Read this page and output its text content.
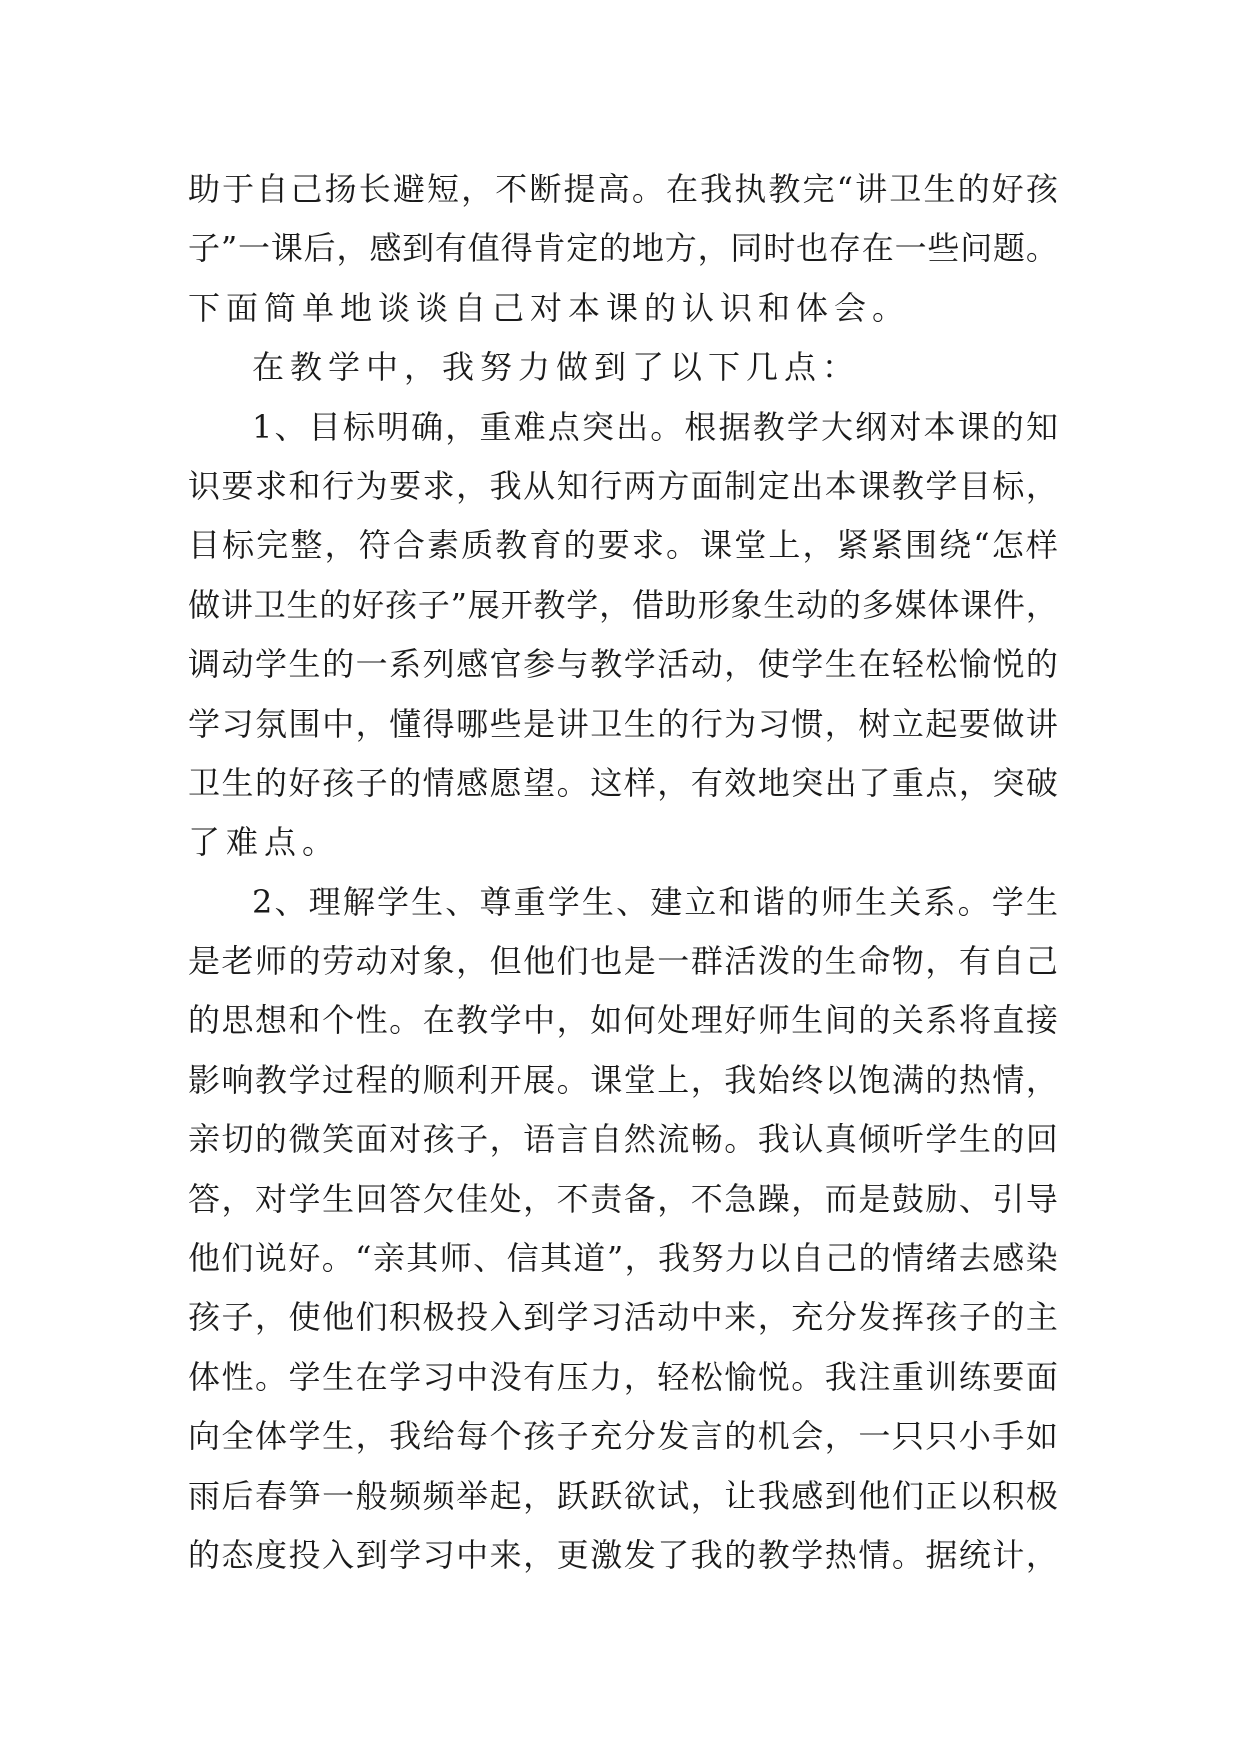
助 于 自 己 扬 长 避 短 ， 不 断 提 高 。 在 我 执 教 完 “ 讲 卫 生 的 好 孩
子 ” 一 课 后 ， 感 到 有 值 得 肯 定 的 地 方 ， 同 时 也 存 在 一 些 问 题 。
下面简单地谈谈自己对本课的认识和体会。
在教学中，我努力做到了以下几点：
1 、 目 标 明 确 ， 重 难 点 突 出 。 根 据 教 学 大 纲 对 本 课 的 知
识 要 求 和 行 为 要 求 ， 我 从 知 行 两 方 面 制 定 出 本 课 教 学 目 标 ，
目 标 完 整 ， 符 合 素 质 教 育 的 要 求 。 课 堂 上 ， 紧 紧 围 绕 “ 怎 样
做 讲 卫 生 的 好 孩 子 ” 展 开 教 学 ， 借 助 形 象 生 动 的 多 媒 体 课 件 ，
调 动 学 生 的 一 系 列 感 官 参 与 教 学 活 动 ， 使 学 生 在 轻 松 愉 悦 的
学 习 氛 围 中 ， 懂 得 哪 些 是 讲 卫 生 的 行 为 习 惯 ， 树 立 起 要 做 讲
卫 生 的 好 孩 子 的 情 感 愿 望 。 这 样 ， 有 效 地 突 出 了 重 点 ， 突 破
了难点。
2 、 理 解 学 生 、 尊 重 学 生 、 建 立 和 谐 的 师 生 关 系 。 学 生
是 老 师 的 劳 动 对 象 ， 但 他 们 也 是 一 群 活 泼 的 生 命 物 ， 有 自 己
的 思 想 和 个 性 。 在 教 学 中 ， 如 何 处 理 好 师 生 间 的 关 系 将 直 接
影 响 教 学 过 程 的 顺 利 开 展 。 课 堂 上 ， 我 始 终 以 饱 满 的 热 情 ，
亲 切 的 微 笑 面 对 孩 子 ， 语 言 自 然 流 畅 。 我 认 真 倾 听 学 生 的 回
答 ， 对 学 生 回 答 欠 佳 处 ， 不 责 备 ， 不 急 躁 ， 而 是 鼓 励 、 引 导
他 们 说 好 。 “ 亲 其 师 、 信 其 道 ” ， 我 努 力 以 自 己 的 情 绪 去 感 染
孩 子 ， 使 他 们 积 极 投 入 到 学 习 活 动 中 来 ， 充 分 发 挥 孩 子 的 主
体 性 。 学 生 在 学 习 中 没 有 压 力 ， 轻 松 愉 悦 。 我 注 重 训 练 要 面
向 全 体 学 生 ， 我 给 每 个 孩 子 充 分 发 言 的 机 会 ， 一 只 只 小 手 如
雨 后 春 笋 一 般 频 频 举 起 ， 跃 跃 欲 试 ， 让 我 感 到 他 们 正 以 积 极
的 态 度 投 入 到 学 习 中 来 ， 更 激 发 了 我 的 教 学 热 情 。 据 统 计 ，
